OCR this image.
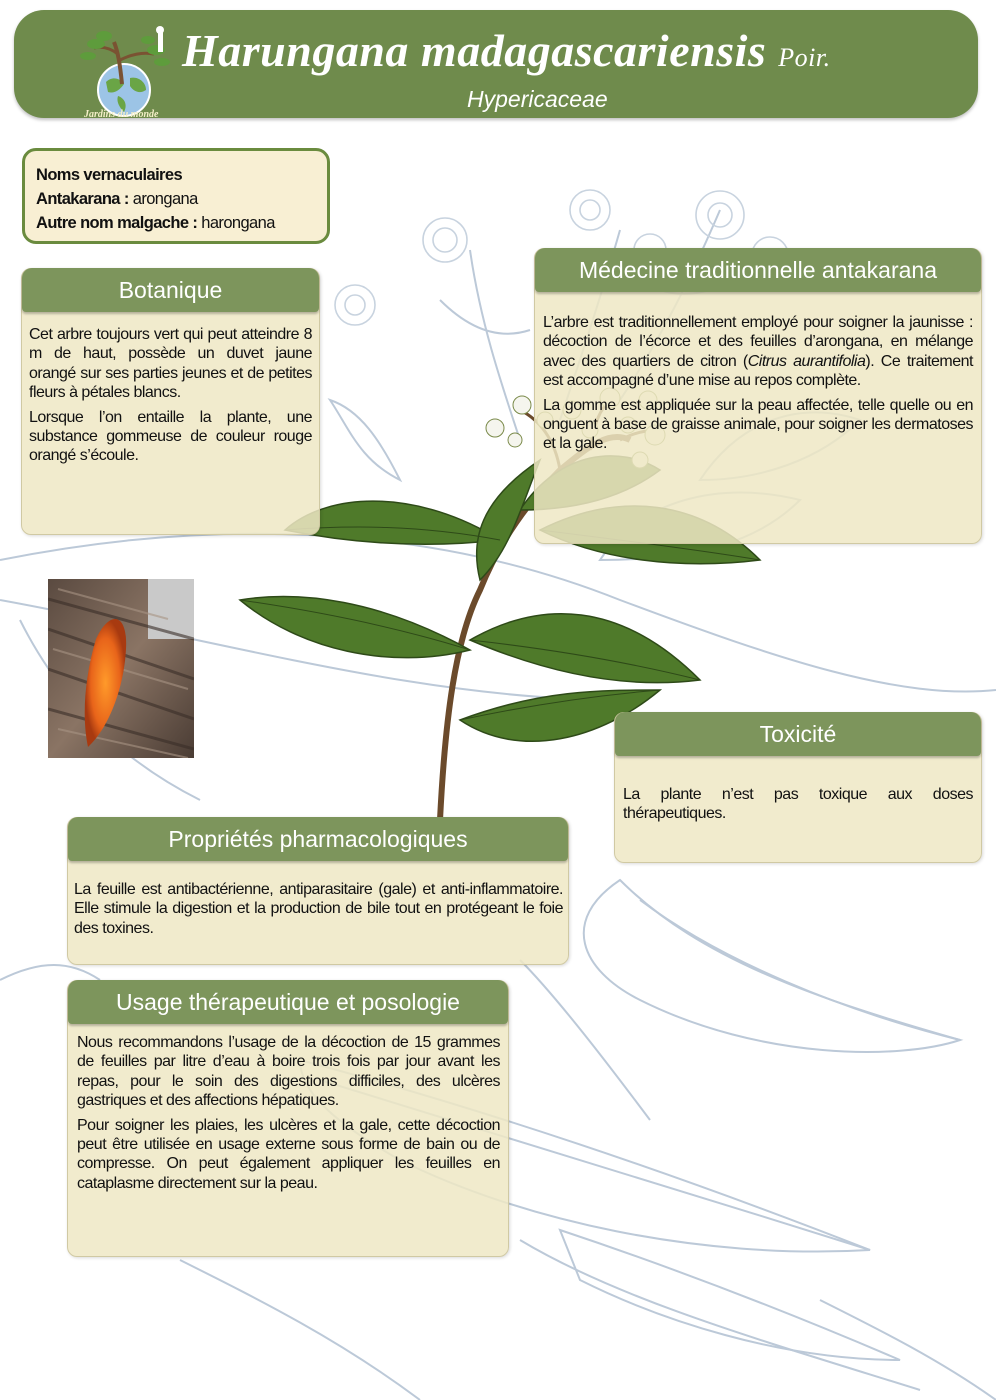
Jardins du monde
Harungana madagascariensis Poir.
Hypericaceae
Noms vernaculaires
Antakarana : arongana
Autre nom malgache : harongana
Botanique

Cet arbre toujours vert qui peut atteindre 8 m de haut, possède un duvet jaune orangé sur ses parties jeunes et de petites fleurs à pétales blancs.

Lorsque l’on entaille la plante, une substance gommeuse de couleur rouge orangé s’écoule.

Médecine traditionnelle antakarana

L’arbre est traditionnellement employé pour soigner la jaunisse : décoction de l’écorce et des feuilles d’arongana, en mélange avec des quartiers de citron (Citrus aurantifolia). Ce traitement est accompagné d’une mise au repos complète.

La gomme est appliquée sur la peau affectée, telle quelle ou en onguent à base de graisse animale, pour soigner les dermatoses et la gale.

Toxicité

La plante n’est pas toxique aux doses thérapeutiques.

Propriétés pharmacologiques

La feuille est antibactérienne, antiparasitaire (gale) et anti-inflammatoire. Elle stimule la digestion et la production de bile tout en protégeant le foie des toxines.

Usage thérapeutique et posologie

Nous recommandons l’usage de la décoction de 15 grammes de feuilles par litre d’eau à boire trois fois par jour avant les repas, pour le soin des digestions difficiles, des ulcères gastriques et des affections hépatiques.

Pour soigner les plaies, les ulcères et la gale, cette décoction peut être utilisée en usage externe sous forme de bain ou de compresse. On peut également appliquer les feuilles en cataplasme directement sur la peau.
